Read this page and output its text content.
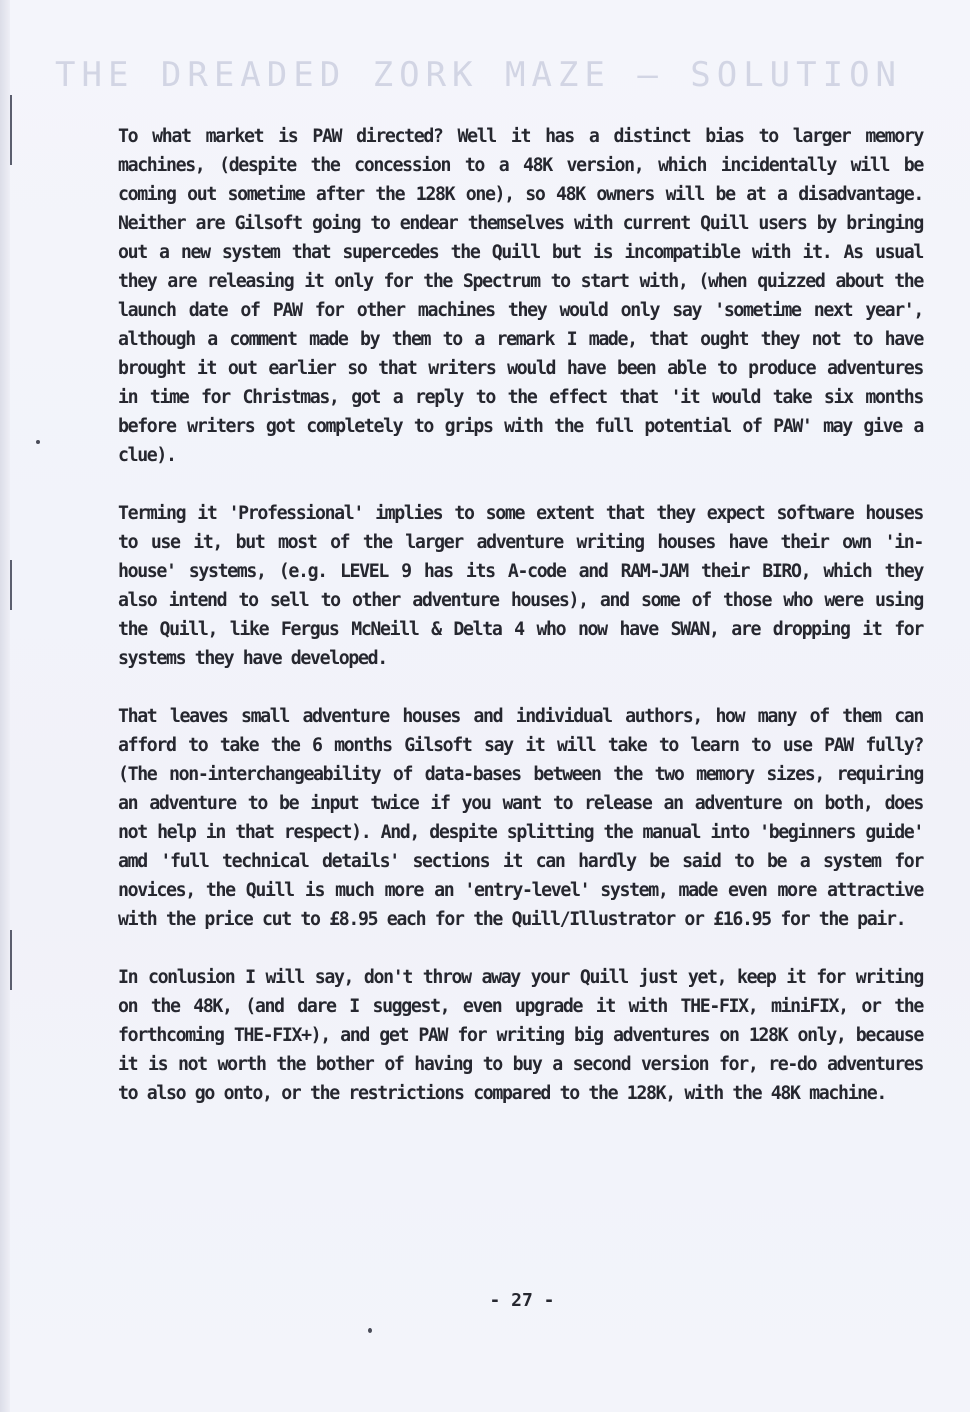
THE DREADED ZORK MAZE — SOLUTION

To what market is PAW directed? Well it has a distinct bias to larger memory machines, (despite the concession to a 48K version, which incidentally will be coming out sometime after the 128K one), so 48K owners will be at a disadvantage. Neither are Gilsoft going to endear themselves with current Quill users by bringing out a new system that supercedes the Quill but is incompatible with it. As usual they are releasing it only for the Spectrum to start with, (when quizzed about the launch date of PAW for other machines they would only say 'sometime next year', although a comment made by them to a remark I made, that ought they not to have brought it out earlier so that writers would have been able to produce adventures in time for Christmas, got a reply to the effect that 'it would take six months before writers got completely to grips with the full potential of PAW' may give a clue).

Terming it 'Professional' implies to some extent that they expect software houses to use it, but most of the larger adventure writing houses have their own 'in-house' systems, (e.g. LEVEL 9 has its A-code and RAM-JAM their BIRO, which they also intend to sell to other adventure houses), and some of those who were using the Quill, like Fergus McNeill & Delta 4 who now have SWAN, are dropping it for systems they have developed.

That leaves small adventure houses and individual authors, how many of them can afford to take the 6 months Gilsoft say it will take to learn to use PAW fully? (The non-interchangeability of data-bases between the two memory sizes, requiring an adventure to be input twice if you want to release an adventure on both, does not help in that respect). And, despite splitting the manual into 'beginners guide' amd 'full technical details' sections it can hardly be said to be a system for novices, the Quill is much more an 'entry-level' system, made even more attractive with the price cut to £8.95 each for the Quill/Illustrator or £16.95 for the pair.

In conlusion I will say, don't throw away your Quill just yet, keep it for writing on the 48K, (and dare I suggest, even upgrade it with THE-FIX, miniFIX, or the forthcoming THE-FIX+), and get PAW for writing big adventures on 128K only, because it is not worth the bother of having to buy a second version for, re-do adventures to also go onto, or the restrictions compared to the 128K, with the 48K machine.

- 27 -
